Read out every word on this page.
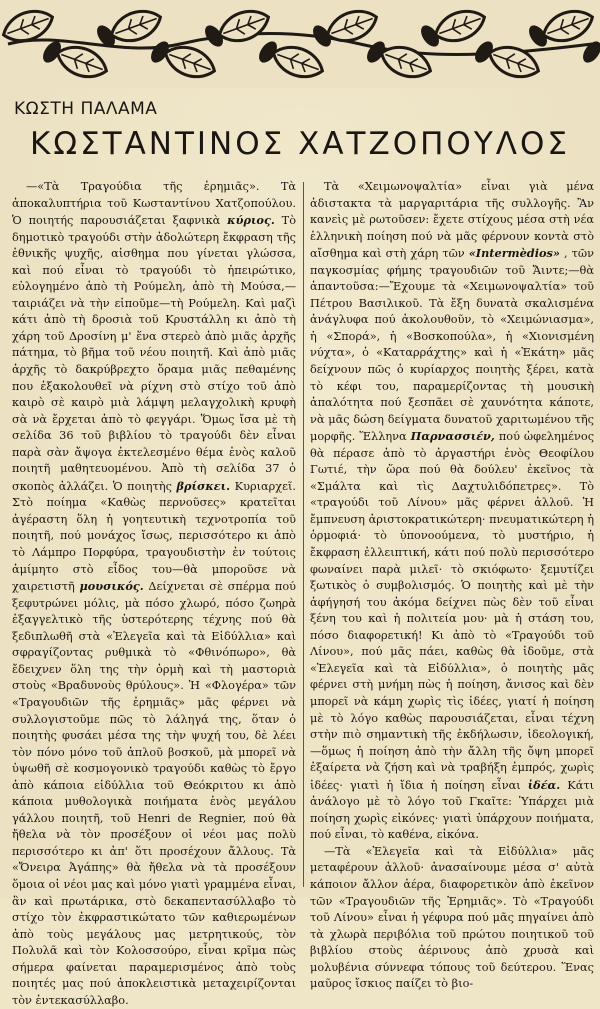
ΚΩΣΤΗ ΠΑΛΑΜΑ
ΚΩΣΤΑΝΤΙΝΟΣ ΧΑΤΖΟΠΟΥΛΟΣ

—«Τὰ Τραγούδια τῆς ἐρημιᾶς». Τὰ ἀποκαλυπτήρια τοῦ Κωσταντίνου Χατζοπούλου. Ὁ ποιητής παρουσιάζεται ξαφνικὰ κύριος. Τὸ δημοτικὸ τραγούδι στὴν ἀδολώτερη ἔκφραση τῆς ἐθνικῆς ψυχῆς, αἰσθημα που γίνεται γλώσσα, καὶ πού εἶναι τὸ τραγούδι τὸ ἠπειρώτικο, εὐλογημένο ἀπὸ τὴ Ρούμελη, ἀπὸ τὴ Μούσα,—ταιριάζει νὰ τὴν εἰποῦμε—τὴ Ρούμελη. Καὶ μαζὶ κάτι ἀπὸ τὴ δροσιὰ τοῦ Κρυστάλλη κι ἀπὸ τὴ χάρη τοῦ Δροσίνη μ' ἕνα στερεὸ ἀπὸ μιᾶς ἀρχῆς πάτημα, τὸ βῆμα τοῦ νέου ποιητῆ. Καὶ ἀπὸ μιᾶς ἀρχῆς τὸ δακρύβρεχτο ὅραμα μιᾶς πεθαμένης που ἐξακολουθεῖ νὰ ρίχνη στὸ στίχο τοῦ ἀπὸ καιρὸ σὲ καιρὸ μιὰ λάμψη μελαγχολικὴ κρυφὴ σὰ νὰ ἔρχεται ἀπὸ τὸ φεγγάρι. Ὅμως ἴσα μὲ τὴ σελίδα 36 τοῦ βιβλίου τὸ τραγούδι δὲν εἶναι παρὰ σὰν ἄψογα ἐκτελεσμένο θέμα ἑνὸς καλοῦ ποιητῆ μαθητευομένου. Ἀπὸ τὴ σελίδα 37 ὁ σκοπὸς ἀλλάζει. Ὁ ποιητὴς βρίσκει. Κυριαρχεῖ. Στὸ ποίημα «Καθὼς περνοῦσες» κρατεῖται ἀγέραστη ὅλη ἡ γοητευτικὴ τεχνοτροπία τοῦ ποιητῆ, πού μονάχος ἴσως, περισσότερο κι ἀπὸ τὸ Λάμπρο Πορφύρα, τραγουδιστὴν ἐν τούτοις ἀμίμητο στὸ εἶδος του—θὰ μποροῦσε νὰ χαιρετιστῆ μουσικός. Δείχνεται σὲ σπέρμα πού ξεφυτρώνει μόλις, μὰ πόσο χλωρό, πόσο ζωηρὰ ἐξαγγελτικὸ τῆς ὑστερότερης τέχνης πού θὰ ξεδιπλωθῆ στὰ «Ἐλεγεῖα καὶ τὰ Εἰδύλλια» καὶ σφραγίζοντας ρυθμικὰ τὸ «Φθινόπωρο», θὰ ἔδειχνεν ὅλη της τὴν ὁρμὴ καὶ τὴ μαστοριὰ στοὺς «Βραδυνοὺς θρύλους». Ἡ «Φλογέρα» τῶν «Τραγουδιῶν τῆς ἐρημιᾶς» μᾶς φέρνει νὰ συλλογιστοῦμε πῶς τὸ λάληγά της, ὅταν ὁ ποιητὴς φυσάει μέσα της τὴν ψυχή του, δὲ λέει τὸν πόνο μόνο τοῦ ἁπλοῦ βοσκοῦ, μὰ μπορεῖ νὰ ὑψωθῆ σὲ κοσμογονικὸ τραγούδι καθὼς τὸ ἔργο ἀπὸ κάποια εἰδύλλια τοῦ Θεόκριτου κι ἀπὸ κάποια μυθολογικὰ ποιήματα ἑνὸς μεγάλου γάλλου ποιητῆ, τοῦ Henri de Regnier, πού θὰ ἤθελα νὰ τὸν προσέξουν οἱ νέοι μας πολὺ περισσότερο κι ἀπ' ὅτι προσέχουν ἄλλους. Τὰ «Ὄνειρα Ἀγάπης» θὰ ἤθελα νὰ τὰ προσέξουν ὅμοια οἱ νέοι μας καὶ μόνο γιατὶ γραμμένα εἶναι, ἂν καὶ πρωτάρικα, στὸ δεκαπεντασύλλαβο τὸ στίχο τὸν ἐκφραστικώτατο τῶν καθιερωμένων ἀπὸ τοὺς μεγάλους μας μετρητικούς, τὸν Πολυλᾶ καὶ τὸν Κολοσσούρο, εἶναι κρῖμα πὼς σήμερα φαίνεται παραμερισμένος ἀπὸ τοὺς ποιητές μας πού ἀποκλειστικὰ μεταχειρίζονται τὸν ἐντεκασύλλαβο.

Τὰ «Χειμωνοψαλτία» εἶναι γιὰ μένα ἀδιστακτα τὰ μαργαριτάρια τῆς συλλογῆς. Ἂν κανεὶς μὲ ρωτοῦσεν: ἔχετε στίχους μέσα στὴ νέα ἑλληνικὴ ποίηση πού νὰ μᾶς φέρνουν κοντὰ στὸ αἴσθημα καὶ στὴ χάρη τῶν «Intermèdios» , τῶν παγκοσμίας φήμης τραγουδιῶν τοῦ Ἄιντε;—θὰ ἀπαντοῦσα:—Ἔχουμε τὰ «Χειμωνοψαλτία» τοῦ Πέτρου Βασιλικοῦ. Τὰ ἔξη δυνατὰ σκαλισμένα ἀνάγλυφα πού ἀκολουθοῦν, τὸ «Χειμώνιασμα», ἡ «Σπορά», ἡ «Βοσκοπούλα», ἡ «Χιονισμένη νύχτα», ὁ «Καταρράχτης» καὶ ἡ «Ἑκάτη» μᾶς δείχνουν πῶς ὁ κυρίαρχος ποιητὴς ξέρει, κατὰ τὸ κέφι του, παραμερίζοντας τὴ μουσικὴ ἀπαλότητα πού ξεσπᾶει σὲ χαυνότητα κάποτε, νὰ μᾶς δώση δείγματα δυνατοῦ χαριτωμένου τῆς μορφῆς. Ἕλληνα Παρνασσιέν, πού ὠφελημένος θὰ πέρασε ἀπὸ τὸ ἀργαστήρι ἑνὸς Θεοφίλου Γωτιέ, τὴν ὥρα πού θὰ δούλευ' ἐκεῖνος τὰ «Σμάλτα καὶ τὶς Δαχτυλιδόπετρες». Τὸ «τραγούδι τοῦ Λίνου» μᾶς φέρνει ἀλλοῦ. Ἡ ἔμπνευση ἀριστοκρατικώτερη· πνευματικώτερη ἡ ὁρμοφιά· τὸ ὑπονοούμενα, τὸ μυστήριο, ἡ ἔκφραση ἐλλειπτική, κάτι πού πολὺ περισσότερο φωναίνει παρὰ μιλεῖ· τὸ σκιόφωτο· ξεμυτίζει ξωτικὸς ὁ συμβολισμός. Ὁ ποιητὴς καὶ μὲ τὴν ἀφήγησή του ἀκόμα δείχνει πὼς δὲν τοῦ εἶναι ξένη του καὶ ἡ πολιτεία μου· μὰ ἡ στάση του, πόσο διαφορετική! Κι ἀπὸ τὸ «Τραγούδι τοῦ Λίνου», πού μᾶς πάει, καθὼς θὰ ἰδοῦμε, στὰ «Ἐλεγεῖα καὶ τὰ Εἰδύλλια», ὁ ποιητὴς μᾶς φέρνει στὴ μνήμη πὼς ἡ ποίηση, ἄνισος καὶ δὲν μπορεῖ νὰ κάμη χωρὶς τὶς ἰδέες, γιατί ἡ ποίηση μὲ τὸ λόγο καθὼς παρουσιάζεται, εἶναι τέχνη στὴν πιὸ σημαντικὴ τῆς ἐκδήλωσιν, ἰδεολογική,—ὅμως ἡ ποίηση ἀπὸ τὴν ἄλλη τῆς ὄψη μπορεῖ ἐξαίρετα νὰ ζήση καὶ νὰ τραβήξη ἐμπρός, χωρὶς ἰδέες· γιατὶ ἡ ἴδια ἡ ποίηση εἶναι ἰδέα. Κάτι ἀνάλογο μὲ τὸ λόγο τοῦ Γκαῖτε: Ὑπάρχει μιὰ ποίηση χωρὶς εἰκόνες· γιατὶ ὑπάρχουν ποιήματα, πού εἶναι, τὸ καθένα, εἰκόνα.

—Τὰ «Ἐλεγεῖα καὶ τὰ Εἰδύλλια» μᾶς μεταφέρουν ἀλλοῦ· ἀνασαίνουμε μέσα σ' αὐτὰ κάποιον ἄλλον ἀέρα, διαφορετικὸν ἀπὸ ἐκεῖνον τῶν «Τραγουδιῶν τῆς Ἐρημιᾶς». Τὸ «Τραγούδι τοῦ Λίνου» εἶναι ἡ γέφυρα πού μᾶς πηγαίνει ἀπὸ τὰ χλωρὰ περιβόλια τοῦ πρώτου ποιητικοῦ τοῦ βιβλίου στοὺς ἀέρινους ἀπὸ χρυσὰ καὶ μολυβένια σύννεφα τόπους τοῦ δεύτερου. Ἕνας μαῦρος ἴσκιος παίζει τὸ βιο-
